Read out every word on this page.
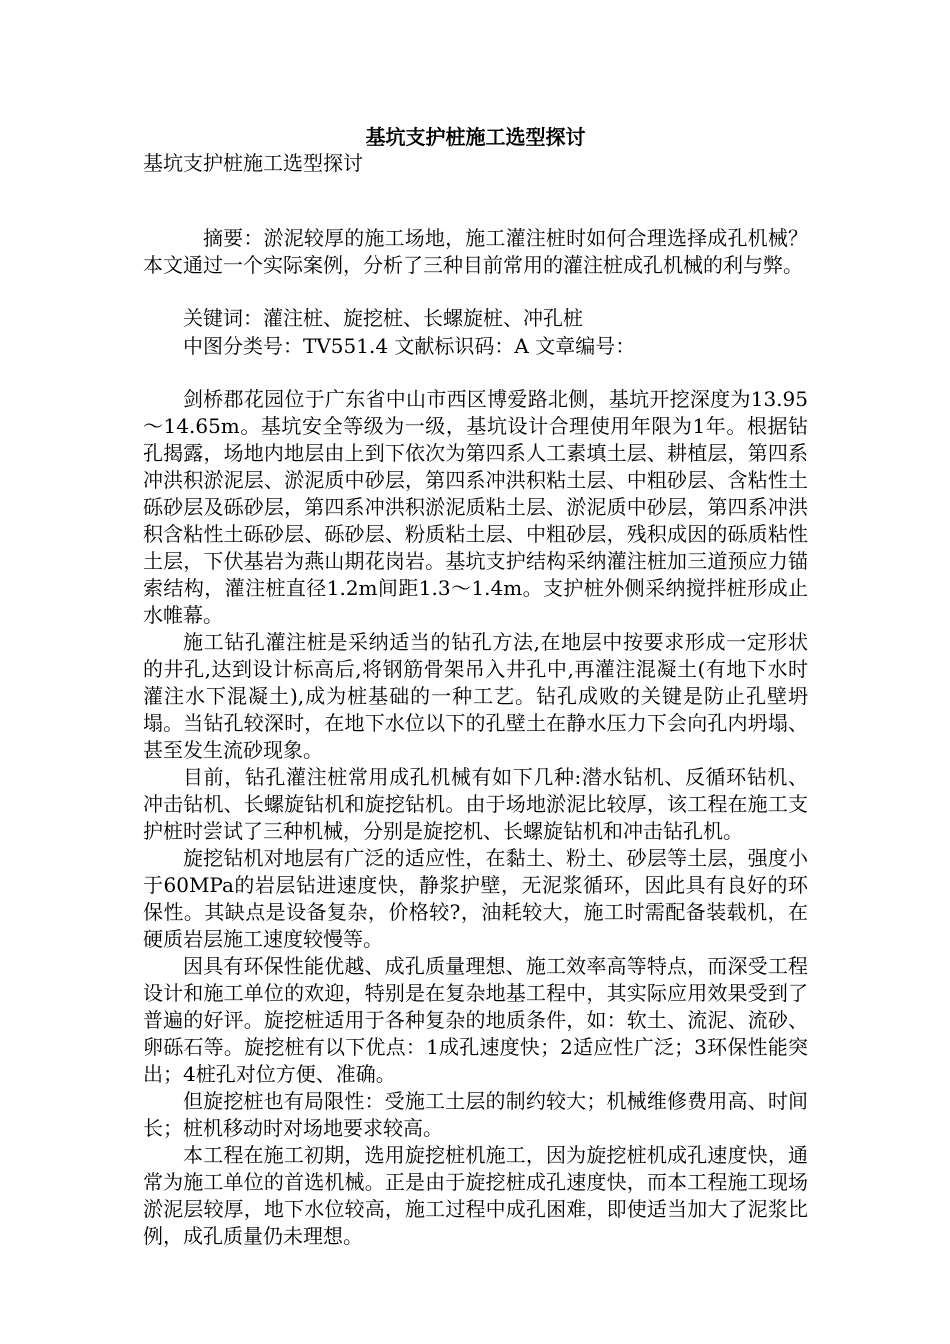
基坑支护桩施工选型探讨

基坑支护桩施工选型探讨

摘要：淤泥较厚的施工场地，施工灌注桩时如何合理选择成孔机械？本文通过一个实际案例，分析了三种目前常用的灌注桩成孔机械的利与弊。

关键词：灌注桩、旋挖桩、长螺旋桩、冲孔桩

中图分类号：TV551.4 文献标识码：A 文章编号：

剑桥郡花园位于广东省中山市西区博爱路北侧，基坑开挖深度为13.95～14.65m。基坑安全等级为一级，基坑设计合理使用年限为1年。根据钻孔揭露，场地内地层由上到下依次为第四系人工素填土层、耕植层，第四系冲洪积淤泥层、淤泥质中砂层，第四系冲洪积粘土层、中粗砂层、含粘性土砾砂层及砾砂层，第四系冲洪积淤泥质粘土层、淤泥质中砂层，第四系冲洪积含粘性土砾砂层、砾砂层、粉质粘土层、中粗砂层，残积成因的砾质粘性土层，下伏基岩为燕山期花岗岩。基坑支护结构采纳灌注桩加三道预应力锚索结构，灌注桩直径1.2m间距1.3～1.4m。支护桩外侧采纳搅拌桩形成止水帷幕。

施工钻孔灌注桩是采纳适当的钻孔方法,在地层中按要求形成一定形状的井孔,达到设计标高后,将钢筋骨架吊入井孔中,再灌注混凝土(有地下水时灌注水下混凝土),成为桩基础的一种工艺。钻孔成败的关键是防止孔壁坍塌。当钻孔较深时，在地下水位以下的孔壁土在静水压力下会向孔内坍塌、甚至发生流砂现象。

目前，钻孔灌注桩常用成孔机械有如下几种:潜水钻机、反循环钻机、冲击钻机、长螺旋钻机和旋挖钻机。由于场地淤泥比较厚，该工程在施工支护桩时尝试了三种机械，分别是旋挖机、长螺旋钻机和冲击钻孔机。

旋挖钻机对地层有广泛的适应性，在黏土、粉土、砂层等土层，强度小于60MPa的岩层钻进速度快，静浆护壁，无泥浆循环，因此具有良好的环保性。其缺点是设备复杂，价格较?，油耗较大，施工时需配备装载机，在硬质岩层施工速度较慢等。

因具有环保性能优越、成孔质量理想、施工效率高等特点，而深受工程设计和施工单位的欢迎，特别是在复杂地基工程中，其实际应用效果受到了普遍的好评。旋挖桩适用于各种复杂的地质条件，如：软土、流泥、流砂、卵砾石等。旋挖桩有以下优点：1成孔速度快；2适应性广泛；3环保性能突出；4桩孔对位方便、准确。

但旋挖桩也有局限性：受施工土层的制约较大；机械维修费用高、时间长；桩机移动时对场地要求较高。

本工程在施工初期，选用旋挖桩机施工，因为旋挖桩机成孔速度快，通常为施工单位的首选机械。正是由于旋挖桩成孔速度快，而本工程施工现场淤泥层较厚，地下水位较高，施工过程中成孔困难，即使适当加大了泥浆比例，成孔质量仍未理想。
